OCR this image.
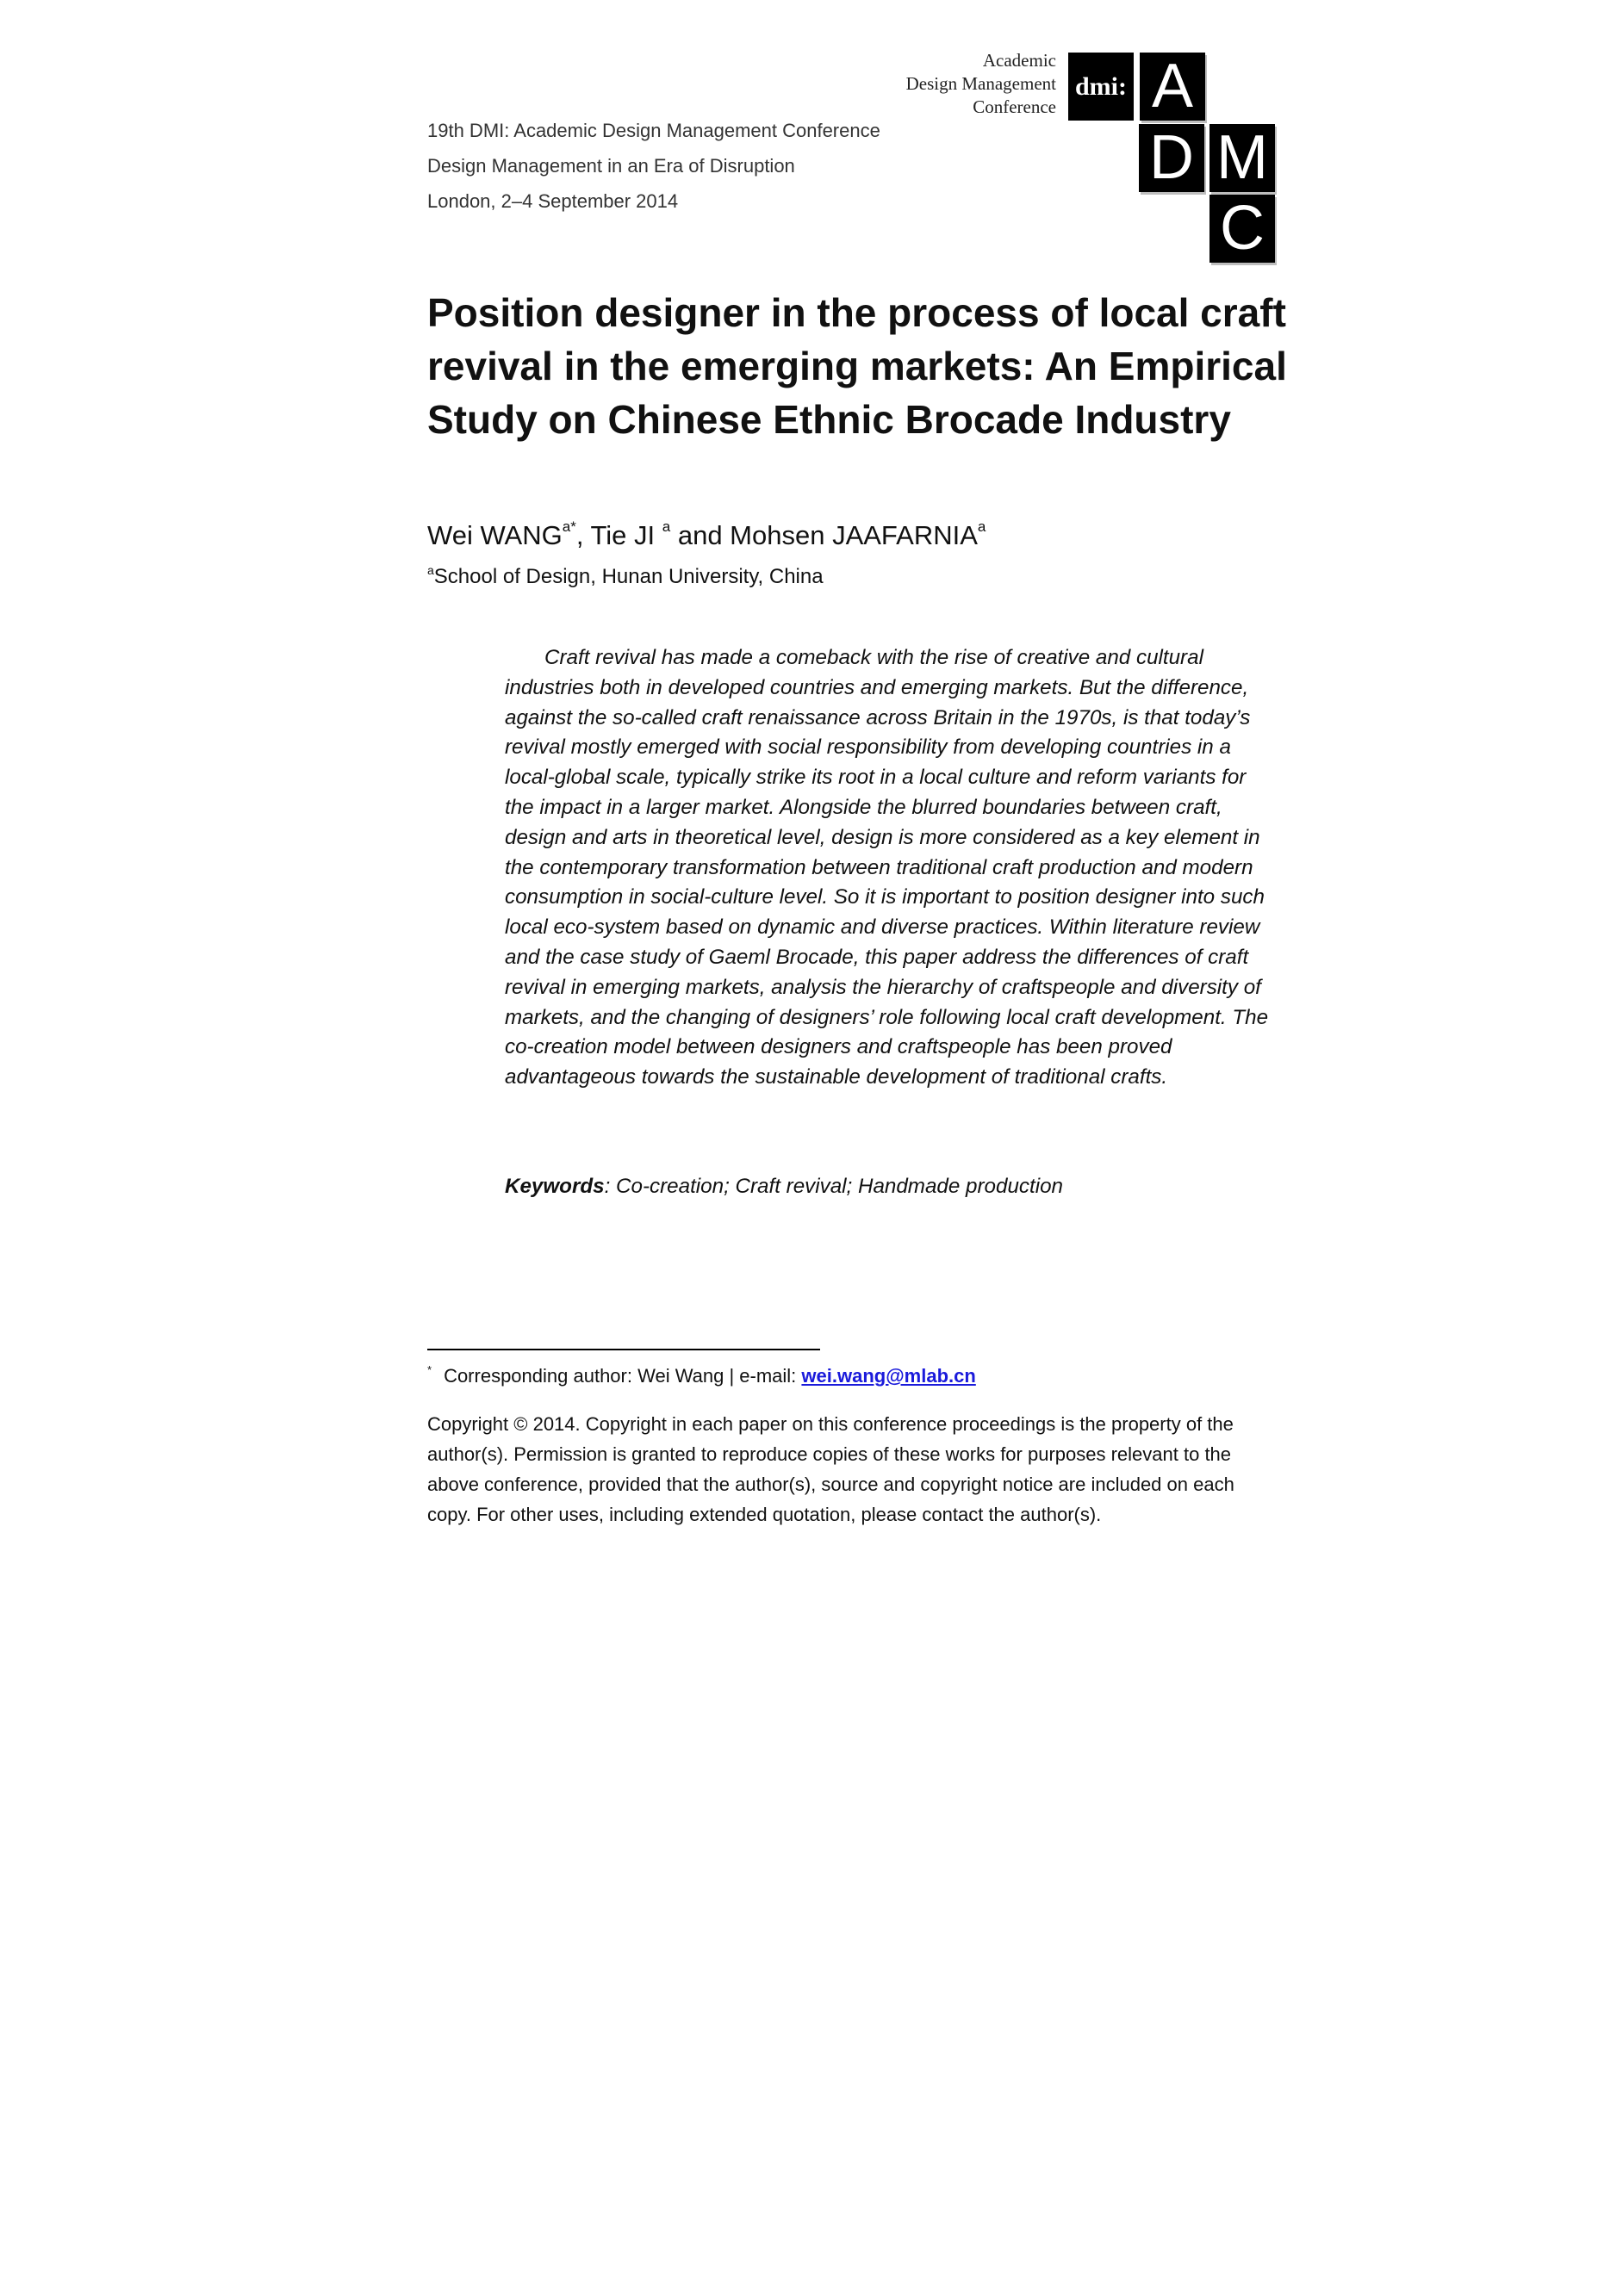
19th DMI: Academic Design Management Conference
Design Management in an Era of Disruption
London, 2–4 September 2014
Academic
Design Management
Conference
dmi: A
D M
C
Position designer in the process of local craft revival in the emerging markets: An Empirical Study on Chinese Ethnic Brocade Industry
Wei $WANG^{a*}$, Tie JI $^a$ and Mohsen JAAFARNIA$^a$
$^a$School of Design, Hunan University, China

Craft revival has made a comeback with the rise of creative and cultural industries both in developed countries and emerging markets. But the difference, against the so-called craft renaissance across Britain in the 1970s, is that today’s revival mostly emerged with social responsibility from developing countries in a local-global scale, typically strike its root in a local culture and reform variants for the impact in a larger market. Alongside the blurred boundaries between craft, design and arts in theoretical level, design is more considered as a key element in the contemporary transformation between traditional craft production and modern consumption in social-culture level. So it is important to position designer into such local eco-system based on dynamic and diverse practices. Within literature review and the case study of Gaeml Brocade, this paper address the differences of craft revival in emerging markets, analysis the hierarchy of craftspeople and diversity of markets, and the changing of designers’ role following local craft development. The co-creation model between designers and craftspeople has been proved advantageous towards the sustainable development of traditional crafts.

Keywords: Co-creation; Craft revival; Handmade production
* Corresponding author: Wei Wang | e-mail: wei.wang@mlab.cn

Copyright © 2014. Copyright in each paper on this conference proceedings is the property of the author(s). Permission is granted to reproduce copies of these works for purposes relevant to the above conference, provided that the author(s), source and copyright notice are included on each copy. For other uses, including extended quotation, please contact the author(s).
